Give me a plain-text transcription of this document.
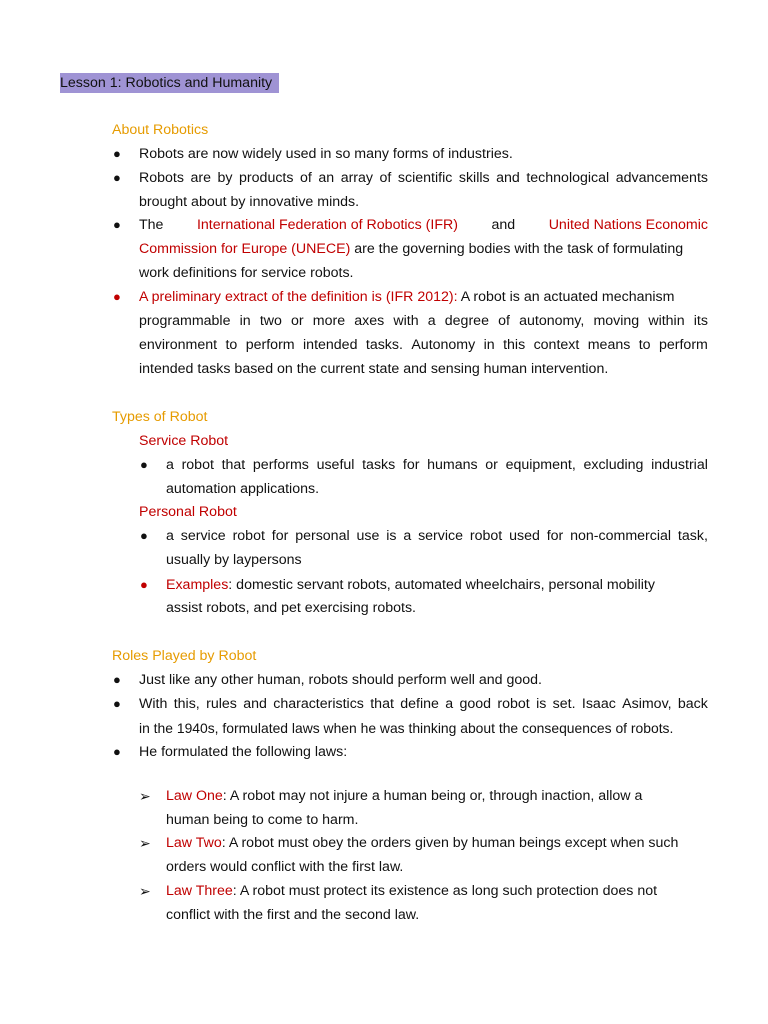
Lesson 1: Robotics and Humanity
About Robotics
● Robots are now widely used in so many forms of industries.
● Robots are by products of an array of scientific skills and technological advancements
brought about by innovative minds.
● The International Federation of Robotics (IFR) and United Nations Economic
Commission for Europe (UNECE) are the governing bodies with the task of formulating
work definitions for service robots.
● A preliminary extract of the definition is (IFR 2012): A robot is an actuated mechanism
programmable in two or more axes with a degree of autonomy, moving within its
environment to perform intended tasks. Autonomy in this context means to perform
intended tasks based on the current state and sensing human intervention.
Types of Robot
Service Robot
● a robot that performs useful tasks for humans or equipment, excluding industrial
automation applications.
Personal Robot
● a service robot for personal use is a service robot used for non-commercial task,
usually by laypersons
● Examples: domestic servant robots, automated wheelchairs, personal mobility
assist robots, and pet exercising robots.
Roles Played by Robot
● Just like any other human, robots should perform well and good.
● With this, rules and characteristics that define a good robot is set. Isaac Asimov, back
in the 1940s, formulated laws when he was thinking about the consequences of robots.
● He formulated the following laws:
➢ Law One: A robot may not injure a human being or, through inaction, allow a
human being to come to harm.
➢ Law Two: A robot must obey the orders given by human beings except when such
orders would conflict with the first law.
➢ Law Three: A robot must protect its existence as long such protection does not
conflict with the first and the second law.
